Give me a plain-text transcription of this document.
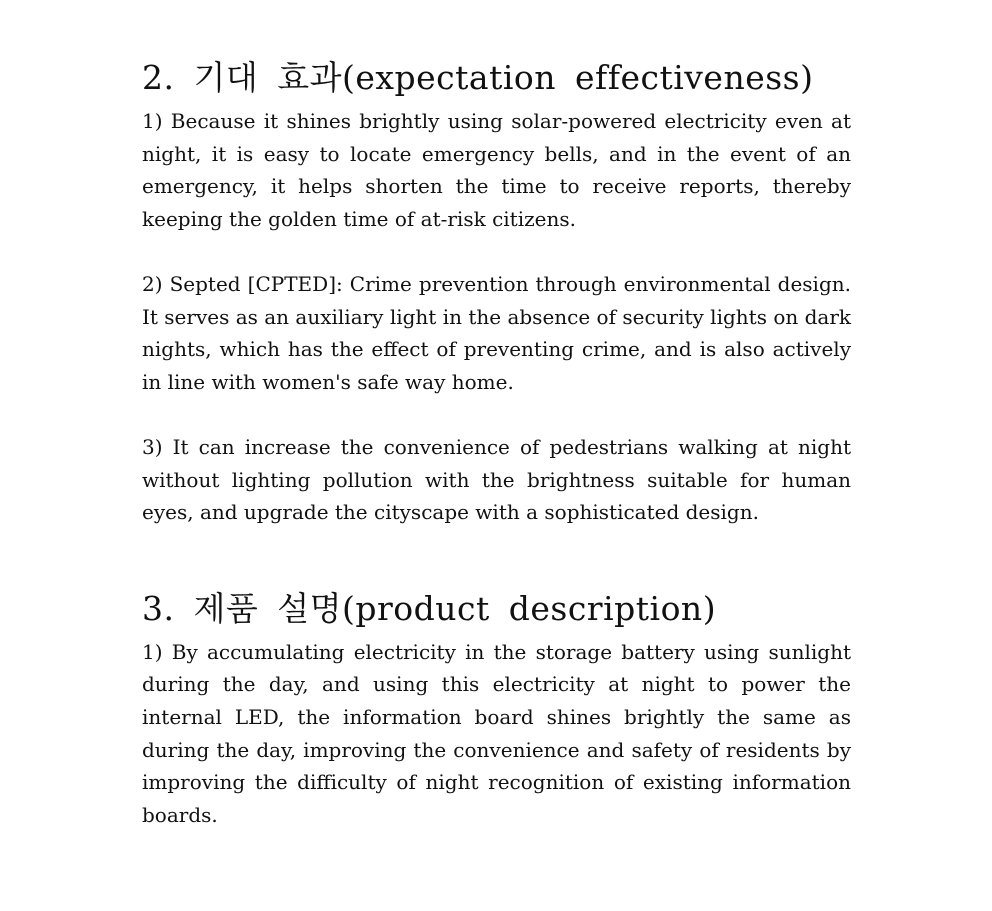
2. 기대 효과(expectation effectiveness)

1) Because it shines brightly using solar-powered electricity even at night, it is easy to locate emergency bells, and in the event of an emergency, it helps shorten the time to receive reports, thereby keeping the golden time of at-risk citizens.

2) Septed [CPTED]: Crime prevention through environmental design. It serves as an auxiliary light in the absence of security lights on dark nights, which has the effect of preventing crime, and is also actively in line with women's safe way home.

3) It can increase the convenience of pedestrians walking at night without lighting pollution with the brightness suitable for human eyes, and upgrade the cityscape with a sophisticated design.

3. 제품 설명(product description)

1) By accumulating electricity in the storage battery using sunlight during the day, and using this electricity at night to power the internal LED, the information board shines brightly the same as during the day, improving the convenience and safety of residents by improving the difficulty of night recognition of existing information boards.
